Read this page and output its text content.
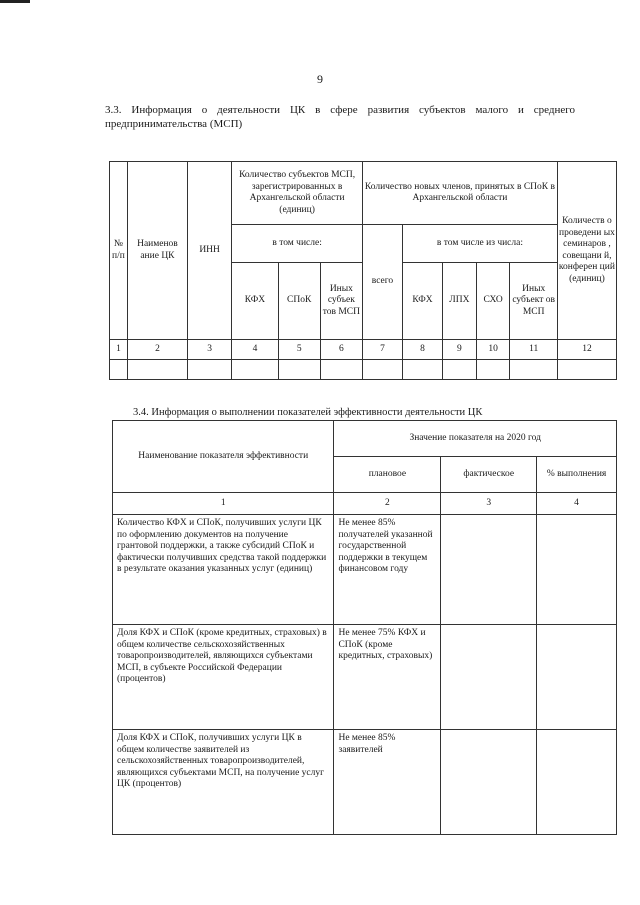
9
3.3. Информация о деятельности ЦК в сфере развития субъектов малого и среднего предпринимательства (МСП)
№ п/п	Наименов ание ЦК	ИНН	Количество субъектов МСП, зарегистрированных в Архангельской области (единиц)			Количество новых членов, принятых в СПоК в Архангельской области					Количеств о проведени ых семинаров , совещани й, конферен ций (единиц)
			в том числе:			всего	в том числе из числа:				
			КФХ	СПоК	Иных субъек тов МСП		КФХ	ЛПХ	СХО	Иных субъект ов МСП	
1	2	3	4	5	6	7	8	9	10	11	12

3.4. Информация о выполнении показателей эффективности деятельности ЦК
Наименование показателя эффективности	Значение показателя на 2020 год		
	плановое	фактическое	% выполнения
1	2	3	4
Количество КФХ и СПоК, получивших услуги ЦК по оформлению документов на получение грантовой поддержки, а также субсидий СПоК и фактически получивших средства такой поддержки в результате оказания указанных услуг (единиц)	Не менее 85% получателей указанной государственной поддержки в текущем финансовом году		
Доля КФХ и СПоК (кроме кредитных, страховых) в общем количестве сельскохозяйственных товаропроизводителей, являющихся субъектами МСП, в субъекте Российской Федерации (процентов)	Не менее 75% КФХ и СПоК (кроме кредитных, страховых)		
Доля КФХ и СПоК, получивших услуги ЦК в общем количестве заявителей из сельскохозяйственных товаропроизводителей, являющихся субъектами МСП, на получение услуг ЦК (процентов)	Не менее 85% заявителей		
